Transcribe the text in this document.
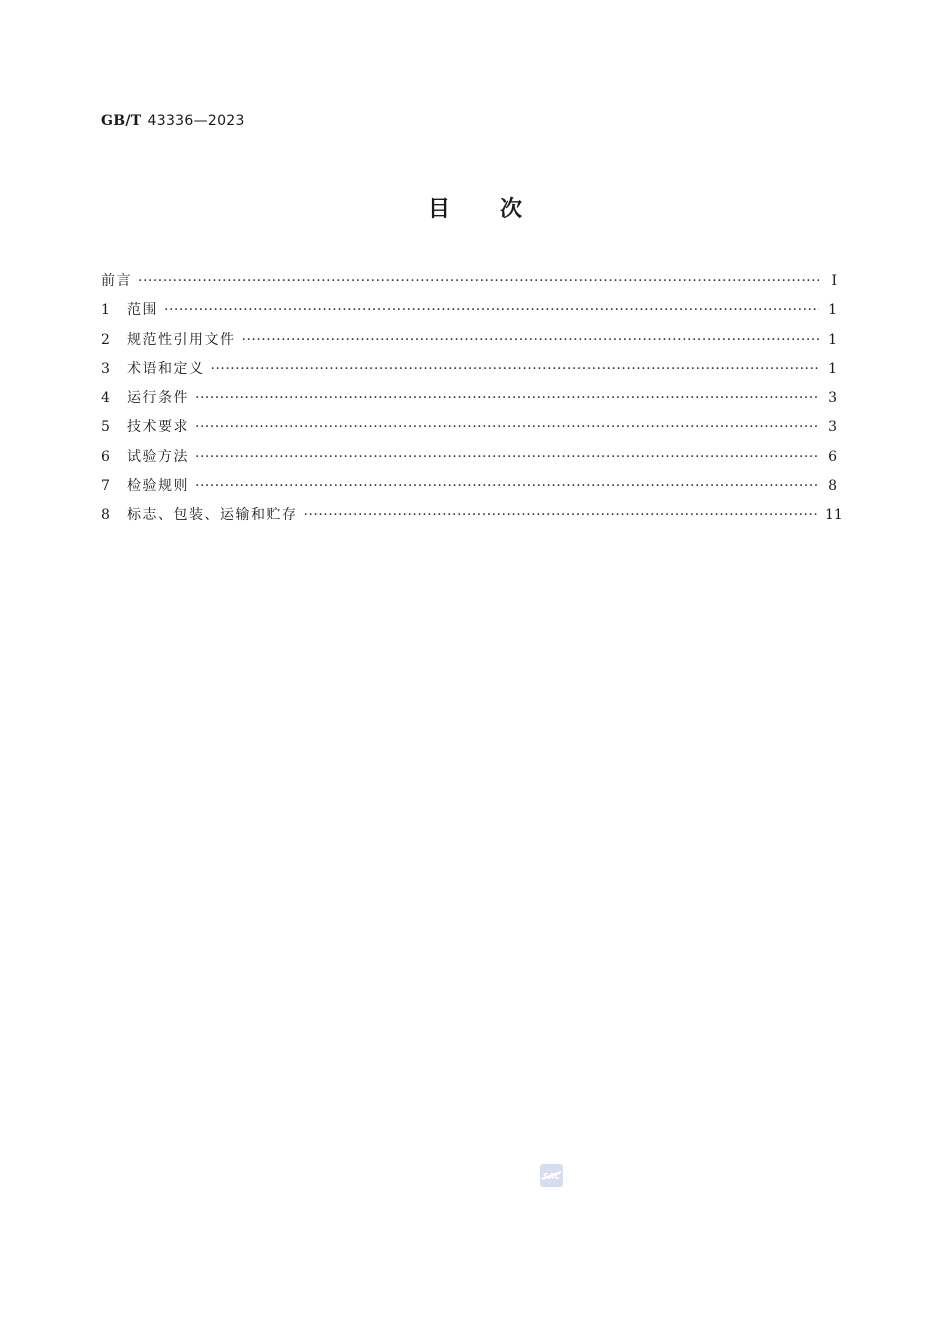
GB/T 43336—2023
目次
前言 ·····	Ⅰ
1	范围 ·····	1
2	规范性引用文件 ·····	1
3	术语和定义 ·····	1
4	运行条件 ·····	3
5	技术要求 ·····	3
6	试验方法 ·····	6
7	检验规则 ·····	8
8	标志、包装、运输和贮存 ·····	11
SAC
